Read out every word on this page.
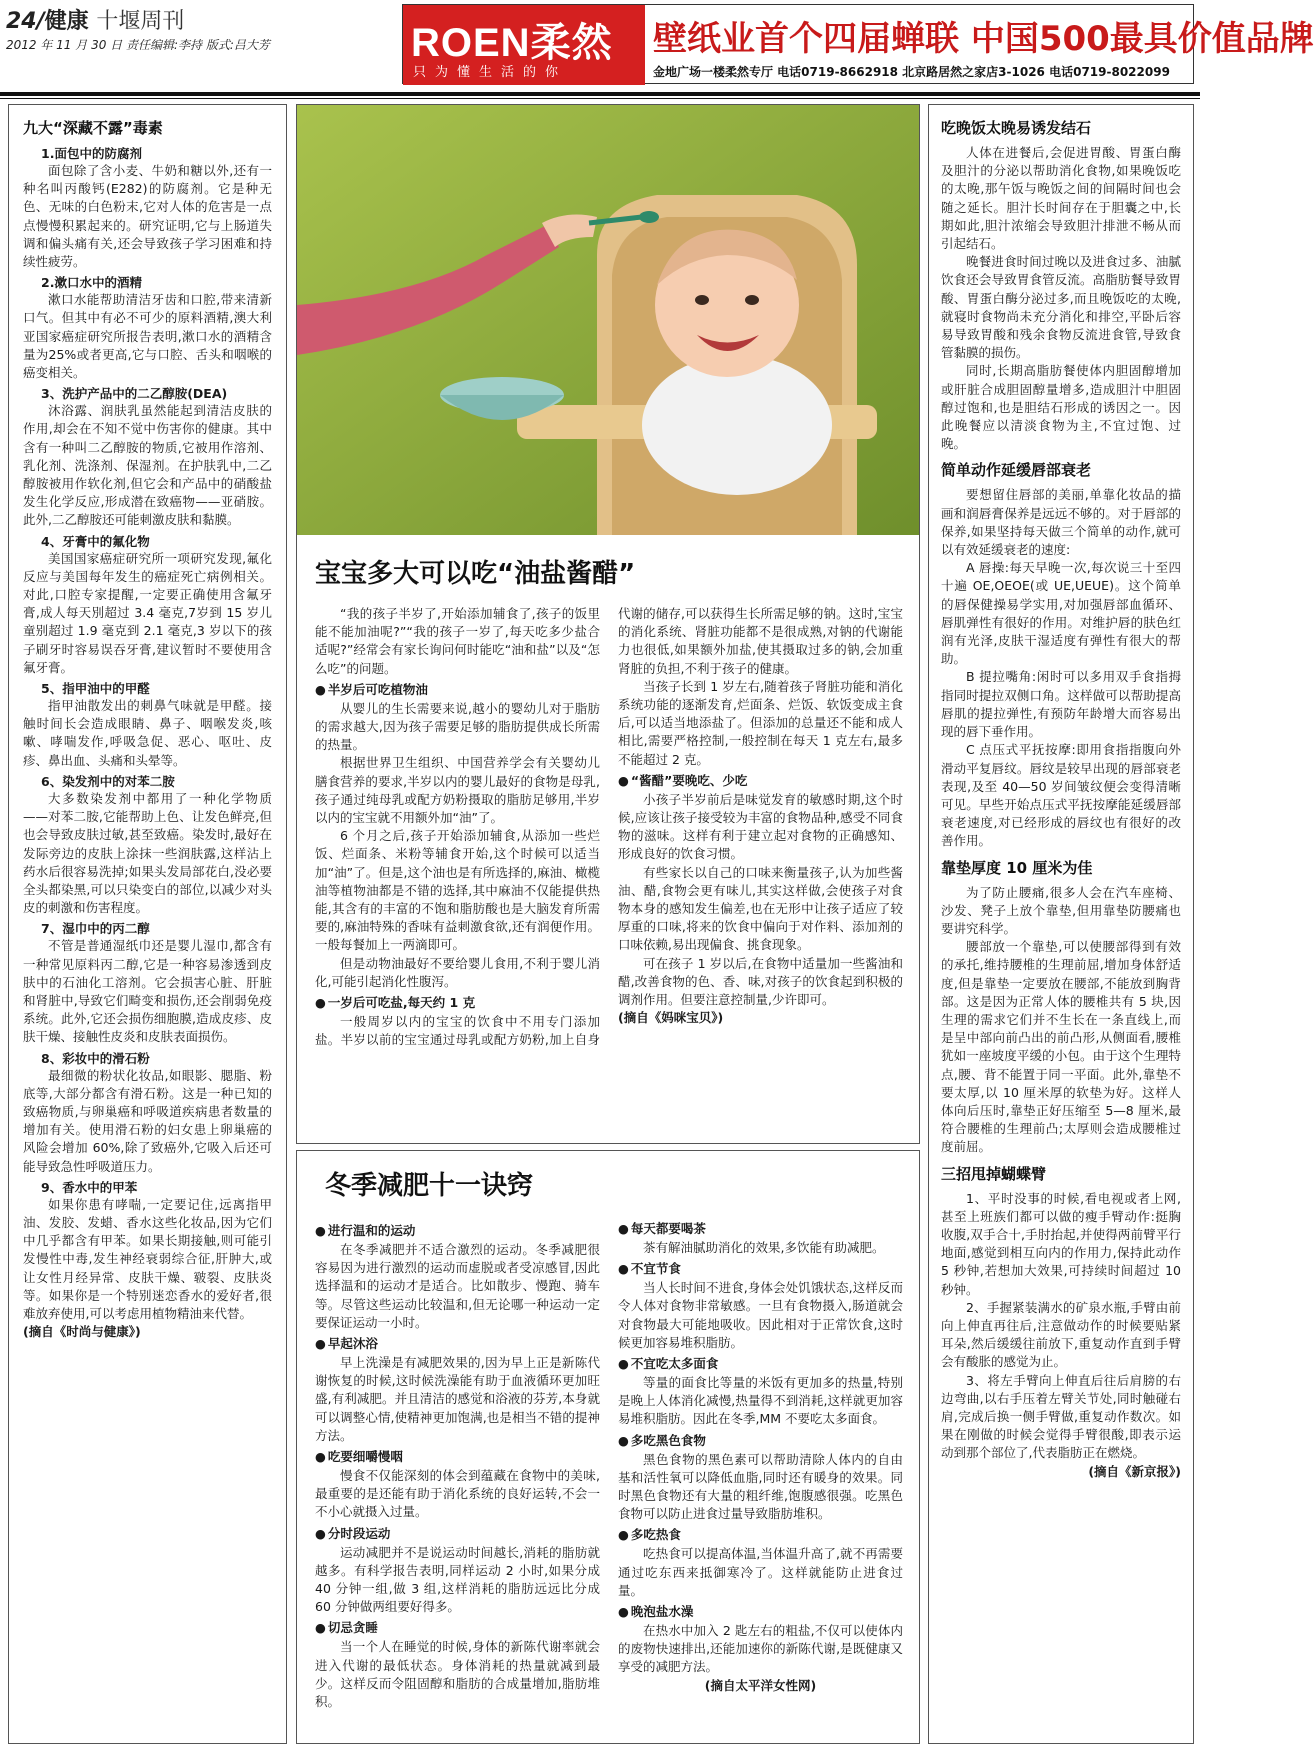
24/健康 十堰周刊
2012 年 11 月 30 日 责任编辑:李持 版式:吕大芳	ROEN柔然
只为懂生活的你
壁纸业首个四届蝉联 中国500最具价值品牌
金地广场一楼柔然专厅 电话0719-8662918 北京路居然之家店3-1026 电话0719-8022099
九大“深藏不露”毒素
1.面包中的防腐剂

面包除了含小麦、牛奶和糖以外,还有一种名叫丙酸钙(E282)的防腐剂。它是种无色、无味的白色粉末,它对人体的危害是一点点慢慢积累起来的。研究证明,它与上肠道失调和偏头痛有关,还会导致孩子学习困难和持续性疲劳。

2.漱口水中的酒精

漱口水能帮助清洁牙齿和口腔,带来清新口气。但其中有必不可少的原料酒精,澳大利亚国家癌症研究所报告表明,漱口水的酒精含量为25%或者更高,它与口腔、舌头和咽喉的癌变相关。

3、洗护产品中的二乙醇胺(DEA)

沐浴露、润肤乳虽然能起到清洁皮肤的作用,却会在不知不觉中伤害你的健康。其中含有一种叫二乙醇胺的物质,它被用作溶剂、乳化剂、洗涤剂、保湿剂。在护肤乳中,二乙醇胺被用作软化剂,但它会和产品中的硝酸盐发生化学反应,形成潜在致癌物——亚硝胺。此外,二乙醇胺还可能刺激皮肤和黏膜。

4、牙膏中的氟化物

美国国家癌症研究所一项研究发现,氟化反应与美国每年发生的癌症死亡病例相关。对此,口腔专家提醒,一定要正确使用含氟牙膏,成人每天別超过 3.4 毫克,7岁到 15 岁儿童别超过 1.9 毫克到 2.1 毫克,3 岁以下的孩子刷牙时容易误吞牙膏,建议暂时不要使用含氟牙膏。

5、指甲油中的甲醛

指甲油散发出的刺鼻气味就是甲醛。接触时间长会造成眼睛、鼻子、咽喉发炎,咳嗽、哮喘发作,呼吸急促、恶心、呕吐、皮疹、鼻出血、头痛和头晕等。

6、染发剂中的对苯二胺

大多数染发剂中都用了一种化学物质——对苯二胺,它能帮助上色、让发色鲜亮,但也会导致皮肤过敏,甚至致癌。染发时,最好在发际旁边的皮肤上涂抹一些润肤露,这样沾上药水后很容易洗掉;如果头发局部花白,没必要全头都染黑,可以只染变白的部位,以减少对头皮的刺激和伤害程度。

7、湿巾中的丙二醇

不管是普通湿纸巾还是婴儿湿巾,都含有一种常见原料丙二醇,它是一种容易渗透到皮肤中的石油化工溶剂。它会损害心脏、肝脏和肾脏中,导致它们畸变和损伤,还会削弱免疫系统。此外,它还会损伤细胞膜,造成皮疹、皮肤干燥、接触性皮炎和皮肤表面损伤。

8、彩妆中的滑石粉

最细微的粉状化妆品,如眼影、腮脂、粉底等,大部分都含有滑石粉。这是一种已知的致癌物质,与卵巢癌和呼吸道疾病患者数量的增加有关。使用滑石粉的妇女患上卵巢癌的风险会增加 60%,除了致癌外,它吸入后还可能导致急性呼吸道压力。

9、香水中的甲苯

如果你患有哮喘,一定要记住,远离指甲油、发胶、发蜡、香水这些化妆品,因为它们中几乎都含有甲苯。如果长期接触,则可能引发慢性中毒,发生神经衰弱综合征,肝肿大,或让女性月经异常、皮肤干燥、皲裂、皮肤炎等。如果你是一个特别迷恋香水的爱好者,很难放弃使用,可以考虑用植物精油来代替。

(摘自《时尚与健康》)

宝宝多大可以吃“油盐酱醋”

“我的孩子半岁了,开始添加辅食了,孩子的饭里能不能加油呢?”“我的孩子一岁了,每天吃多少盐合适呢?”经常会有家长询问何时能吃“油和盐”以及“怎么吃”的问题。

● 半岁后可吃植物油

从婴儿的生长需要来说,越小的婴幼儿对于脂肪的需求越大,因为孩子需要足够的脂肪提供成长所需的热量。

根据世界卫生组织、中国营养学会有关婴幼儿膳食营养的要求,半岁以内的婴儿最好的食物是母乳,孩子通过纯母乳或配方奶粉摄取的脂肪足够用,半岁以内的宝宝就不用额外加“油”了。

6 个月之后,孩子开始添加辅食,从添加一些烂饭、烂面条、米粉等辅食开始,这个时候可以适当加“油”了。但是,这个油也是有所选择的,麻油、橄榄油等植物油都是不错的选择,其中麻油不仅能提供热能,其含有的丰富的不饱和脂肪酸也是大脑发育所需要的,麻油特殊的香味有益刺激食欲,还有润便作用。一般每餐加上一两滴即可。

但是动物油最好不要给婴儿食用,不利于婴儿消化,可能引起消化性腹泻。

● 一岁后可吃盐,每天约 1 克

一般周岁以内的宝宝的饮食中不用专门添加盐。半岁以前的宝宝通过母乳或配方奶粉,加上自身代谢的储存,可以获得生长所需足够的钠。这时,宝宝的消化系统、肾脏功能都不是很成熟,对钠的代谢能力也很低,如果额外加盐,使其摄取过多的钠,会加重肾脏的负担,不利于孩子的健康。

当孩子长到 1 岁左右,随着孩子肾脏功能和消化系统功能的逐渐发育,烂面条、烂饭、软饭变成主食后,可以适当地添盐了。但添加的总量还不能和成人相比,需要严格控制,一般控制在每天 1 克左右,最多不能超过 2 克。

● “酱醋”要晚吃、少吃

小孩子半岁前后是味觉发育的敏感时期,这个时候,应该让孩子接受较为丰富的食物品种,感受不同食物的滋味。这样有利于建立起对食物的正确感知、形成良好的饮食习惯。

有些家长以自己的口味来衡量孩子,认为加些酱油、醋,食物会更有味儿,其实这样做,会使孩子对食物本身的感知发生偏差,也在无形中让孩子适应了较厚重的口味,将来的饮食中偏向于对作料、添加剂的口味依赖,易出现偏食、挑食现象。

可在孩子 1 岁以后,在食物中适量加一些酱油和醋,改善食物的色、香、味,对孩子的饮食起到积极的调剂作用。但要注意控制量,少许即可。

(摘自《妈咪宝贝》)

冬季减肥十一诀窍
● 进行温和的运动

在冬季减肥并不适合激烈的运动。冬季减肥很容易因为进行激烈的运动而虚脱或者受凉感冒,因此选择温和的运动才是适合。比如散步、慢跑、骑车等。尽管这些运动比较温和,但无论哪一种运动一定要保证运动一小时。

● 早起沐浴

早上洗澡是有减肥效果的,因为早上正是新陈代谢恢复的时候,这时候洗澡能有助于血液循环更加旺盛,有利减肥。并且清洁的感觉和浴液的芬芳,本身就可以调整心情,使精神更加饱满,也是相当不错的提神方法。

● 吃要细嚼慢咽

慢食不仅能深刻的体会到蕴藏在食物中的美味,最重要的是还能有助于消化系统的良好运转,不会一不小心就摄入过量。

● 分时段运动

运动减肥并不是说运动时间越长,消耗的脂肪就越多。有科学报告表明,同样运动 2 小时,如果分成 40 分钟一组,做 3 组,这样消耗的脂肪远远比分成 60 分钟做两组要好得多。

● 切忌贪睡

当一个人在睡觉的时候,身体的新陈代谢率就会进入代谢的最低状态。身体消耗的热量就减到最少。这样反而令阻固醇和脂肪的合成量增加,脂肪堆积。

● 每天都要喝茶

茶有解油腻助消化的效果,多饮能有助减肥。

● 不宜节食

当人长时间不进食,身体会处饥饿状态,这样反而令人体对食物非常敏感。一旦有食物摄入,肠道就会对食物最大可能地吸收。因此相对于正常饮食,这时候更加容易堆积脂肪。

● 不宜吃太多面食

等量的面食比等量的米饭有更加多的热量,特别是晚上人体消化减慢,热量得不到消耗,这样就更加容易堆积脂肪。因此在冬季,MM 不要吃太多面食。

● 多吃黑色食物

黑色食物的黑色素可以帮助清除人体内的自由基和活性氧可以降低血脂,同时还有暖身的效果。同时黑色食物还有大量的粗纤维,饱腹感很强。吃黑色食物可以防止进食过量导致脂肪堆积。

● 多吃热食

吃热食可以提高体温,当体温升高了,就不再需要通过吃东西来抵御寒冷了。这样就能防止进食过量。

● 晚泡盐水澡

在热水中加入 2 匙左右的粗盐,不仅可以使体内的废物快速排出,还能加速你的新陈代谢,是既健康又享受的减肥方法。

(摘自太平洋女性网)

吃晚饭太晚易诱发结石

人体在进餐后,会促进胃酸、胃蛋白酶及胆汁的分泌以帮助消化食物,如果晚饭吃的太晚,那午饭与晚饭之间的间隔时间也会随之延长。胆汁长时间存在于胆囊之中,长期如此,胆汁浓缩会导致胆汁排泄不畅从而引起结石。

晚餐进食时间过晚以及进食过多、油腻饮食还会导致胃食管反流。高脂肪餐导致胃酸、胃蛋白酶分泌过多,而且晚饭吃的太晚,就寝时食物尚未充分消化和排空,平卧后容易导致胃酸和残余食物反流进食管,导致食管黏膜的损伤。

同时,长期高脂肪餐使体内胆固醇增加或肝脏合成胆固醇量增多,造成胆汁中胆固醇过饱和,也是胆结石形成的诱因之一。因此晚餐应以清淡食物为主,不宜过饱、过晚。

简单动作延缓唇部衰老

要想留住唇部的美丽,单靠化妆品的描画和润唇膏保养是远远不够的。对于唇部的保养,如果坚持每天做三个简单的动作,就可以有效延缓衰老的速度:

A 唇操:每天早晚一次,每次说三十至四十遍 OE,OEOE(或 UE,UEUE)。这个简单的唇保健操易学实用,对加强唇部血循环、唇肌弹性有很好的作用。对维护唇的肤色红润有光泽,皮肤干湿适度有弹性有很大的帮助。

B 提拉嘴角:闲时可以多用双手食指拇指同时提拉双侧口角。这样做可以帮助提高唇肌的提拉弹性,有预防年龄增大而容易出现的唇下垂作用。

C 点压式平抚按摩:即用食指指腹向外滑动平复唇纹。唇纹是较早出现的唇部衰老表现,及至 40—50 岁间皱纹便会变得清晰可见。早些开始点压式平抚按摩能延缓唇部衰老速度,对已经形成的唇纹也有很好的改善作用。

靠垫厚度 10 厘米为佳

为了防止腰痛,很多人会在汽车座椅、沙发、凳子上放个靠垫,但用靠垫防腰痛也要讲究科学。

腰部放一个靠垫,可以使腰部得到有效的承托,维持腰椎的生理前屈,增加身体舒适度,但是靠垫一定要放在腰部,不能放到胸背部。这是因为正常人体的腰椎共有 5 块,因生理的需求它们并不生长在一条直线上,而是呈中部向前凸出的前凸形,从侧面看,腰椎犹如一座坡度平缓的小包。由于这个生理特点,腰、背不能置于同一平面。此外,靠垫不要太厚,以 10 厘米厚的软垫为好。这样人体向后压时,靠垫正好压缩至 5—8 厘米,最符合腰椎的生理前凸;太厚则会造成腰椎过度前屈。

三招甩掉蝴蝶臂

1、平时没事的时候,看电视或者上网,甚至上班族们都可以做的瘦手臂动作:挺胸收腹,双手合十,手肘抬起,并使得两前臂平行地面,感觉到相互向内的作用力,保持此动作 5 秒钟,若想加大效果,可持续时间超过 10 秒钟。

2、手握紧装满水的矿泉水瓶,手臂由前向上伸直再往后,注意做动作的时候要贴紧耳朵,然后缓缓往前放下,重复动作直到手臂会有酸胀的感觉为止。

3、将左手臂向上伸直后往后肩膀的右边弯曲,以右手压着左臂关节处,同时触碰右肩,完成后换一侧手臂做,重复动作数次。如果在刚做的时候会觉得手臂很酸,即表示运动到那个部位了,代表脂肪正在燃烧。

(摘自《新京报》)
